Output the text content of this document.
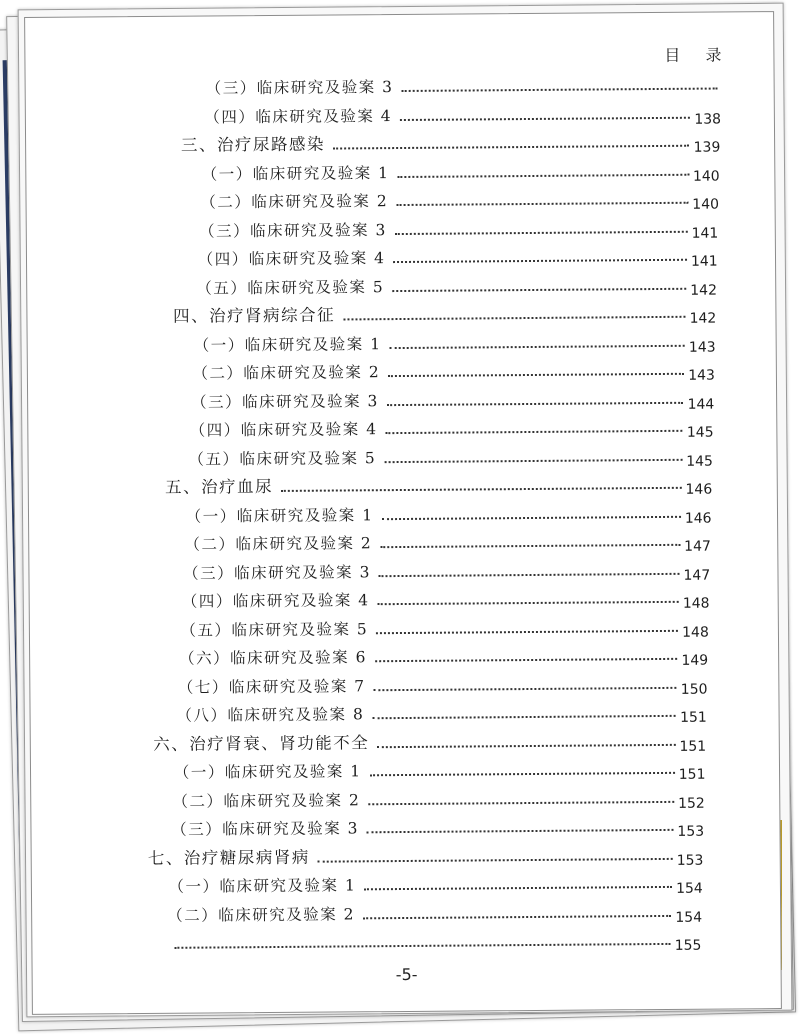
目 录
（三）临床研究及验案 3
（四）临床研究及验案 4	138
三、治疗尿路感染	139
（一）临床研究及验案 1	140
（二）临床研究及验案 2	140
（三）临床研究及验案 3	141
（四）临床研究及验案 4	141
（五）临床研究及验案 5	142
四、治疗肾病综合征	142
（一）临床研究及验案 1	143
（二）临床研究及验案 2	143
（三）临床研究及验案 3	144
（四）临床研究及验案 4	145
（五）临床研究及验案 5	145
五、治疗血尿	146
（一）临床研究及验案 1	146
（二）临床研究及验案 2	147
（三）临床研究及验案 3	147
（四）临床研究及验案 4	148
（五）临床研究及验案 5	148
（六）临床研究及验案 6	149
（七）临床研究及验案 7	150
（八）临床研究及验案 8	151
六、治疗肾衰、肾功能不全	151
（一）临床研究及验案 1	151
（二）临床研究及验案 2	152
（三）临床研究及验案 3	153
七、治疗糖尿病肾病	153
（一）临床研究及验案 1	154
（二）临床研究及验案 2	154
155
-5-
